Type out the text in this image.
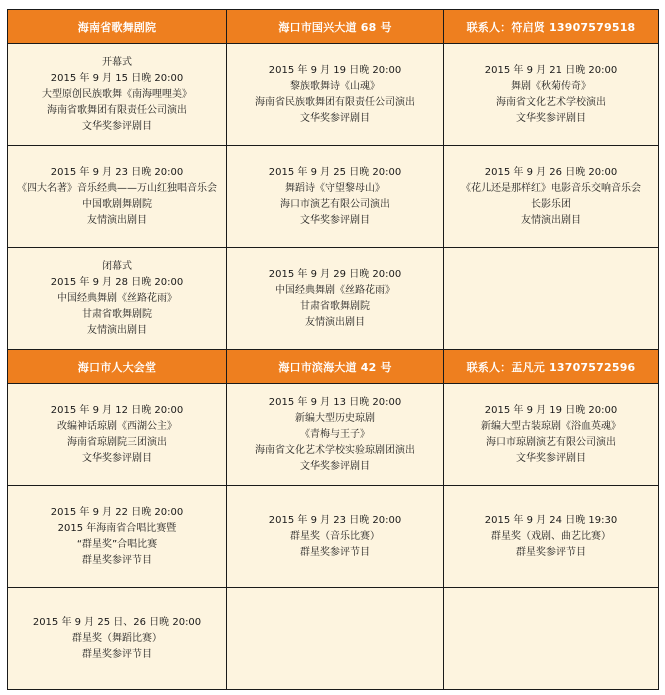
海南省歌舞剧院	海口市国兴大道 68 号	联系人：符启贤 13907579518

开幕式
2015 年 9 月 15 日晚 20:00
大型原创民族歌舞《南海哩哩美》
海南省歌舞团有限责任公司演出
文华奖参评剧目	2015 年 9 月 19 日晚 20:00
黎族歌舞诗《山魂》
海南省民族歌舞团有限责任公司演出
文华奖参评剧目	2015 年 9 月 21 日晚 20:00
舞剧《秋菊传奇》
海南省文化艺术学校演出
文华奖参评剧目

2015 年 9 月 23 日晚 20:00
《四大名著》音乐经典——万山红独唱音乐会
中国歌剧舞剧院
友情演出剧目	2015 年 9 月 25 日晚 20:00
舞蹈诗《守望黎母山》
海口市演艺有限公司演出
文华奖参评剧目	2015 年 9 月 26 日晚 20:00
《花儿还是那样红》电影音乐交响音乐会
长影乐团
友情演出剧目

闭幕式
2015 年 9 月 28 日晚 20:00
中国经典舞剧《丝路花雨》
甘肃省歌舞剧院
友情演出剧目	2015 年 9 月 29 日晚 20:00
中国经典舞剧《丝路花雨》
甘肃省歌舞剧院
友情演出剧目	

海口市人大会堂	海口市滨海大道 42 号	联系人：盂凡元 13707572596

2015 年 9 月 12 日晚 20:00
改编神话琼剧《西湖公主》
海南省琼剧院三团演出
文华奖参评剧目	2015 年 9 月 13 日晚 20:00
新编大型历史琼剧
《青梅与王子》
海南省文化艺术学校实验琼剧团演出
文华奖参评剧目	2015 年 9 月 19 日晚 20:00
新编大型古装琼剧《浴血英魂》
海口市琼剧演艺有限公司演出
文华奖参评剧目

2015 年 9 月 22 日晚 20:00
2015 年海南省合唱比赛暨
“群星奖”合唱比赛
群星奖参评节目	2015 年 9 月 23 日晚 20:00
群星奖（音乐比赛）
群星奖参评节目	2015 年 9 月 24 日晚 19:30
群星奖（戏剧、曲艺比赛）
群星奖参评节目

2015 年 9 月 25 日、26 日晚 20:00
群星奖（舞蹈比赛）
群星奖参评节目		
